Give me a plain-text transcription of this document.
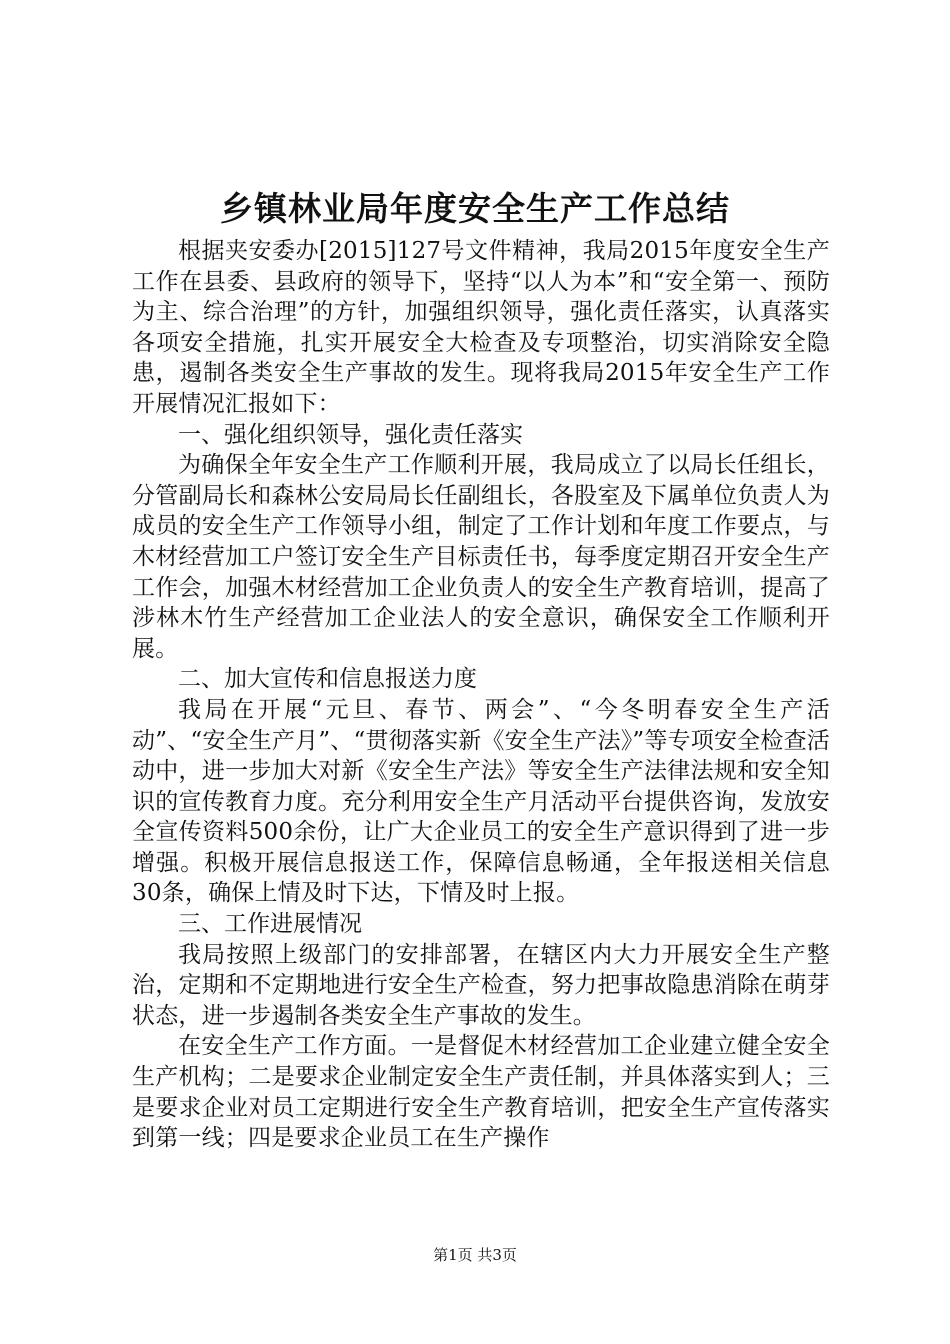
乡镇林业局年度安全生产工作总结

根据夹安委办[2015]127号文件精神，我局2015年度安全生产工作在县委、县政府的领导下，坚持“以人为本”和“安全第一、预防为主、综合治理”的方针，加强组织领导，强化责任落实，认真落实各项安全措施，扎实开展安全大检查及专项整治，切实消除安全隐患，遏制各类安全生产事故的发生。现将我局2015年安全生产工作开展情况汇报如下：

一、强化组织领导，强化责任落实

为确保全年安全生产工作顺利开展，我局成立了以局长任组长，分管副局长和森林公安局局长任副组长，各股室及下属单位负责人为成员的安全生产工作领导小组，制定了工作计划和年度工作要点，与木材经营加工户签订安全生产目标责任书，每季度定期召开安全生产工作会，加强木材经营加工企业负责人的安全生产教育培训，提高了涉林木竹生产经营加工企业法人的安全意识，确保安全工作顺利开展。

二、加大宣传和信息报送力度

我局在开展“元旦、春节、两会”、“今冬明春安全生产活动”、“安全生产月”、“贯彻落实新《安全生产法》”等专项安全检查活动中，进一步加大对新《安全生产法》等安全生产法律法规和安全知识的宣传教育力度。充分利用安全生产月活动平台提供咨询，发放安全宣传资料500余份，让广大企业员工的安全生产意识得到了进一步增强。积极开展信息报送工作，保障信息畅通，全年报送相关信息30条，确保上情及时下达，下情及时上报。

三、工作进展情况

我局按照上级部门的安排部署，在辖区内大力开展安全生产整治，定期和不定期地进行安全生产检查，努力把事故隐患消除在萌芽状态，进一步遏制各类安全生产事故的发生。

在安全生产工作方面。一是督促木材经营加工企业建立健全安全生产机构；二是要求企业制定安全生产责任制，并具体落实到人；三是要求企业对员工定期进行安全生产教育培训，把安全生产宣传落实到第一线；四是要求企业员工在生产操作

第1页 共3页
